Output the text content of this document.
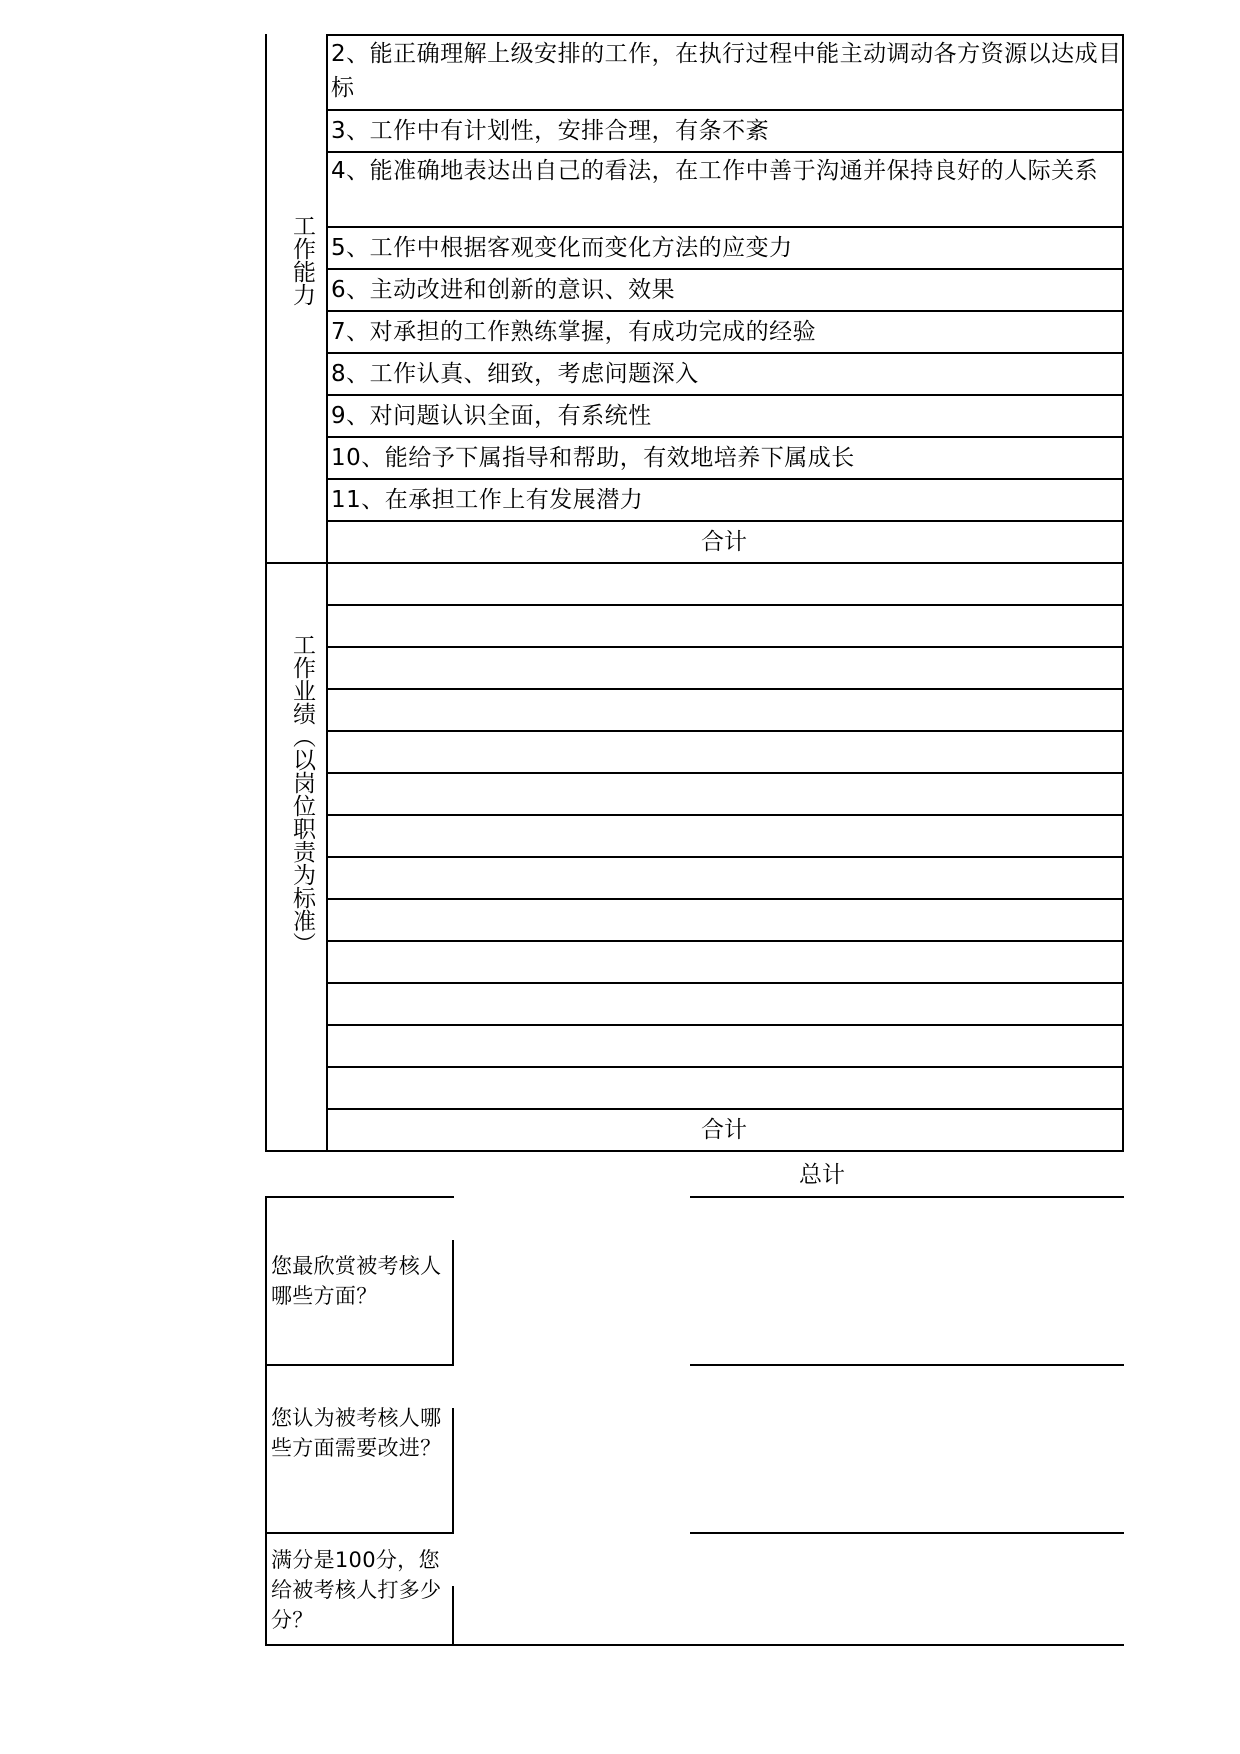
工作能力
2、能正确理解上级安排的工作，在执行过程中能主动调动各方资源以达成目标
3、工作中有计划性，安排合理，有条不紊
4、能准确地表达出自己的看法，在工作中善于沟通并保持良好的人际关系
5、工作中根据客观变化而变化方法的应变力
6、主动改进和创新的意识、效果
7、对承担的工作熟练掌握，有成功完成的经验
8、工作认真、细致，考虑问题深入
9、对问题认识全面，有系统性
10、能给予下属指导和帮助，有效地培养下属成长
11、在承担工作上有发展潜力
合计
工作业绩（以岗位职责为标准）
合计
总计
您最欣赏被考核人哪些方面？
您认为被考核人哪些方面需要改进？
满分是100分，您给被考核人打多少分？
